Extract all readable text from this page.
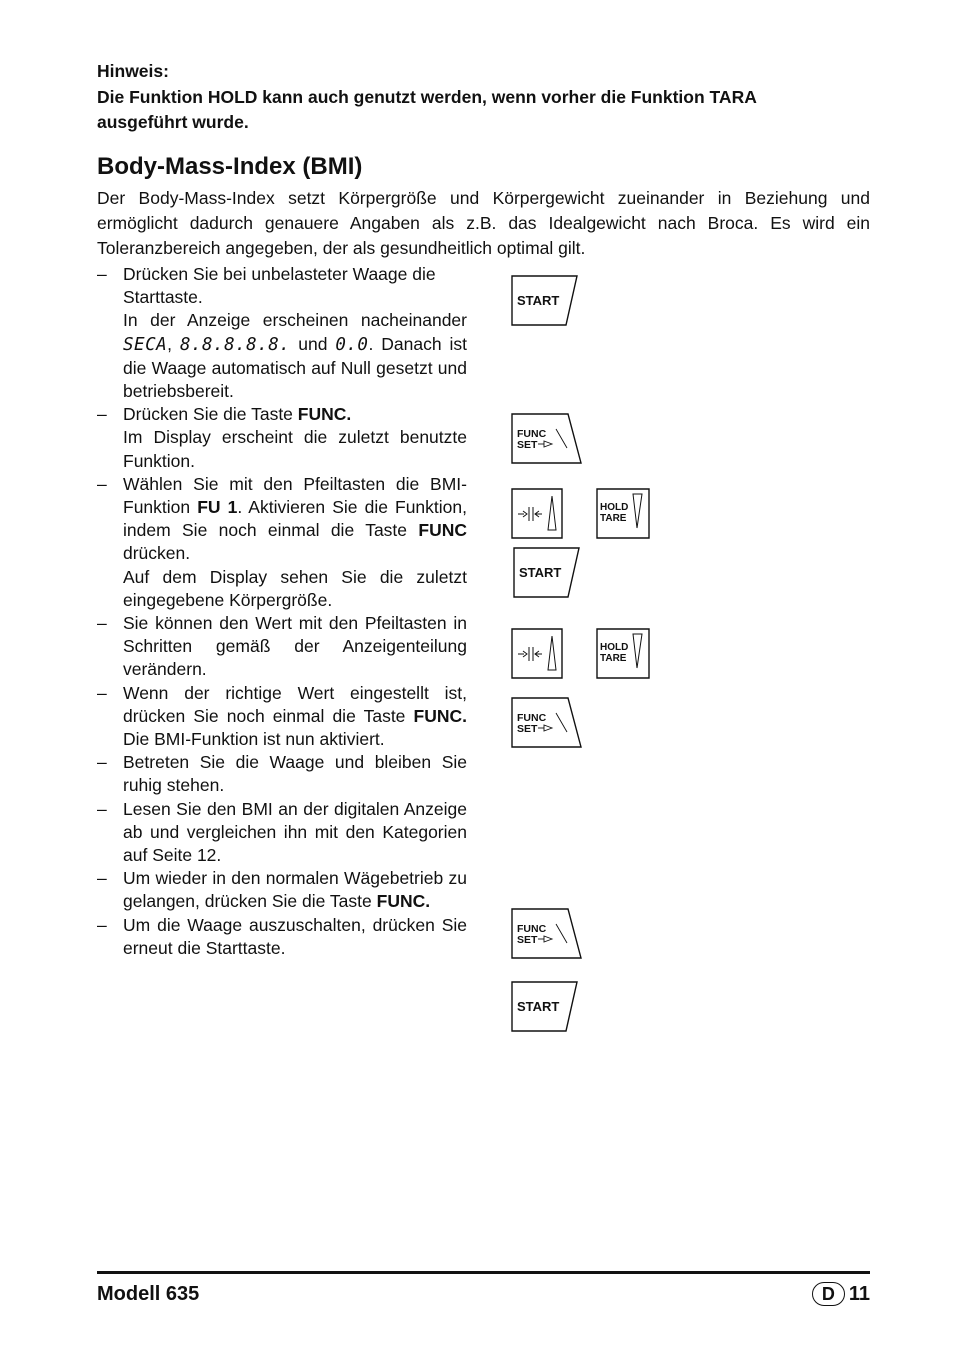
Hinweis:
Die Funktion HOLD kann auch genutzt werden, wenn vorher die Funktion TARA
ausgeführt wurde.
Body-Mass-Index (BMI)
Der Body-Mass-Index setzt Körpergröße und Körpergewicht zueinander in Beziehung und ermöglicht dadurch genauere Angaben als z.B. das Idealgewicht nach Broca. Es wird ein Toleranzbereich angegeben, der als gesundheitlich optimal gilt.
– Drücken Sie bei unbelasteter Waage die Starttaste.

In der Anzeige erscheinen nacheinander SECA, 8.8.8.8.8. und 0.0. Danach ist die Waage automatisch auf Null gesetzt und betriebsbereit.

– Drücken Sie die Taste FUNC.

Im Display erscheint die zuletzt benutzte Funktion.

– Wählen Sie mit den Pfeiltasten die BMI-Funktion FU 1. Aktivieren Sie die Funktion, indem Sie noch einmal die Taste FUNC drücken.

Auf dem Display sehen Sie die zuletzt eingegebene Körpergröße.

– Sie können den Wert mit den Pfeiltasten in Schritten gemäß der Anzeigenteilung verändern.

– Wenn der richtige Wert eingestellt ist, drücken Sie noch einmal die Taste FUNC. Die BMI-Funktion ist nun aktiviert.

– Betreten Sie die Waage und bleiben Sie ruhig stehen.

– Lesen Sie den BMI an der digitalen Anzeige ab und vergleichen ihn mit den Kategorien auf Seite 12.

– Um wieder in den normalen Wägebetrieb zu gelangen, drücken Sie die Taste FUNC.

– Um die Waage auszuschalten, drücken Sie erneut die Starttaste.

START
FUNC
SET
HOLD
TARE
START
HOLD
TARE
FUNC
SET
FUNC
SET
START
Modell 635	D 11
